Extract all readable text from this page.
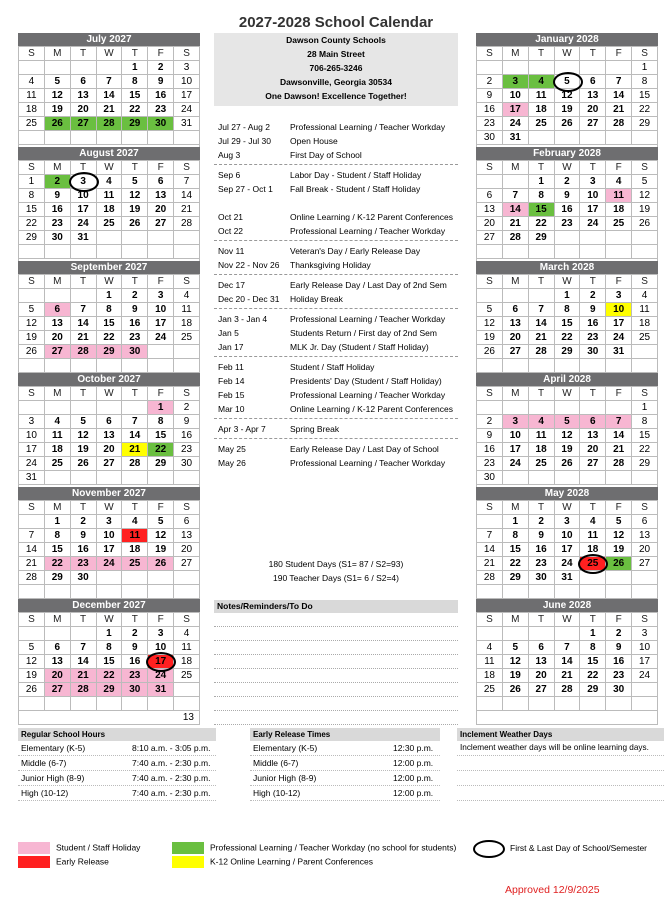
2027-2028 School Calendar
Dawson County Schools
28 Main Street
706-265-3246
Dawsonville, Georgia 30534
One Dawson! Excellence Together!
Jul 27 - Aug 2 Professional Learning / Teacher Workday
Jul 29 - Jul 30 Open House
Aug 3	First Day of School
Sep 6	Labor Day - Student / Staff Holiday
Sep 27 - Oct 1 Fall Break - Student / Staff Holiday
Oct 21	Online Learning / K-12 Parent Conferences
Oct 22	Professional Learning / Teacher Workday
Nov 11	Veteran's Day / Early Release Day
Nov 22 - Nov 26 Thanksgiving Holiday
Dec 17	Early Release Day / Last Day of 2nd Sem
Dec 20 - Dec 31 Holiday Break
Jan 3 - Jan 4	Professional Learning / Teacher Workday
Jan 5	Students Return / First day of 2nd Sem
Jan 17	MLK Jr. Day (Student / Staff Holiday)
Feb 11	Student / Staff Holiday
Feb 14	Presidents' Day (Student / Staff Holiday)
Feb 15	Professional Learning / Teacher Workday
Mar 10	Online Learning / K-12 Parent Conferences
Apr 3 - Apr 7	Spring Break
May 25	Early Release Day / Last Day of School
May 26	Professional Learning / Teacher Workday
180 Student Days (S1= 87 / S2=93)
190 Teacher Days (S1= 6 / S2=4)
Notes/Reminders/To Do
Regular School Hours
Elementary (K-5)	8:10 a.m. - 3:05 p.m.
Middle (6-7)	7:40 a.m. - 2:30 p.m.
Junior High (8-9)	7:40 a.m. - 2:30 p.m.
High (10-12)	7:40 a.m. - 2:30 p.m.
Early Release Times
Elementary (K-5)	12:30 p.m.
Middle (6-7)	12:00 p.m.
Junior High (8-9)	12:00 p.m.
High (10-12)	12:00 p.m.
Inclement Weather Days
Inclement weather days will be online learning days.
Student / Staff Holiday
Early Release
Professional Learning / Teacher Workday (no school for students)
K-12 Online Learning / Parent Conferences
First & Last Day of School/Semester
Approved 12/9/2025
July 2027
S	M	T	W	T	F	S
				1	2	3
4	5	6	7	8	9	10
11	12	13	14	15	16	17
18	19	20	21	22	23	24
25	26	27	28	29	30	31

August 2027
S	M	T	W	T	F	S
1	2	3	4	5	6	7
8	9	10	11	12	13	14
15	16	17	18	19	20	21
22	23	24	25	26	27	28
29	30	31				

September 2027
S	M	T	W	T	F	S
			1	2	3	4
5	6	7	8	9	10	11
12	13	14	15	16	17	18
19	20	21	22	23	24	25
26	27	28	29	30		

October 2027
S	M	T	W	T	F	S
					1	2
3	4	5	6	7	8	9
10	11	12	13	14	15	16
17	18	19	20	21	22	23
24	25	26	27	28	29	30
31						
November 2027
S	M	T	W	T	F	S
	1	2	3	4	5	6
7	8	9	10	11	12	13
14	15	16	17	18	19	20
21	22	23	24	25	26	27
28	29	30				

December 2027
S	M	T	W	T	F	S
			1	2	3	4
5	6	7	8	9	10	11
12	13	14	15	16	17	18
19	20	21	22	23	24	25
26	27	28	29	30	31	

13
January 2028
S	M	T	W	T	F	S
						1
2	3	4	5	6	7	8
9	10	11	12	13	14	15
16	17	18	19	20	21	22
23	24	25	26	27	28	29
30	31					
February 2028
S	M	T	W	T	F	S
		1	2	3	4	5
6	7	8	9	10	11	12
13	14	15	16	17	18	19
20	21	22	23	24	25	26
27	28	29				

March 2028
S	M	T	W	T	F	S
			1	2	3	4
5	6	7	8	9	10	11
12	13	14	15	16	17	18
19	20	21	22	23	24	25
26	27	28	29	30	31	

April 2028
S	M	T	W	T	F	S
						1
2	3	4	5	6	7	8
9	10	11	12	13	14	15
16	17	18	19	20	21	22
23	24	25	26	27	28	29
30						
May 2028
S	M	T	W	T	F	S
	1	2	3	4	5	6
7	8	9	10	11	12	13
14	15	16	17	18	19	20
21	22	23	24	25	26	27
28	29	30	31			

June 2028
S	M	T	W	T	F	S
				1	2	3
4	5	6	7	8	9	10
11	12	13	14	15	16	17
18	19	20	21	22	23	24
25	26	27	28	29	30	
